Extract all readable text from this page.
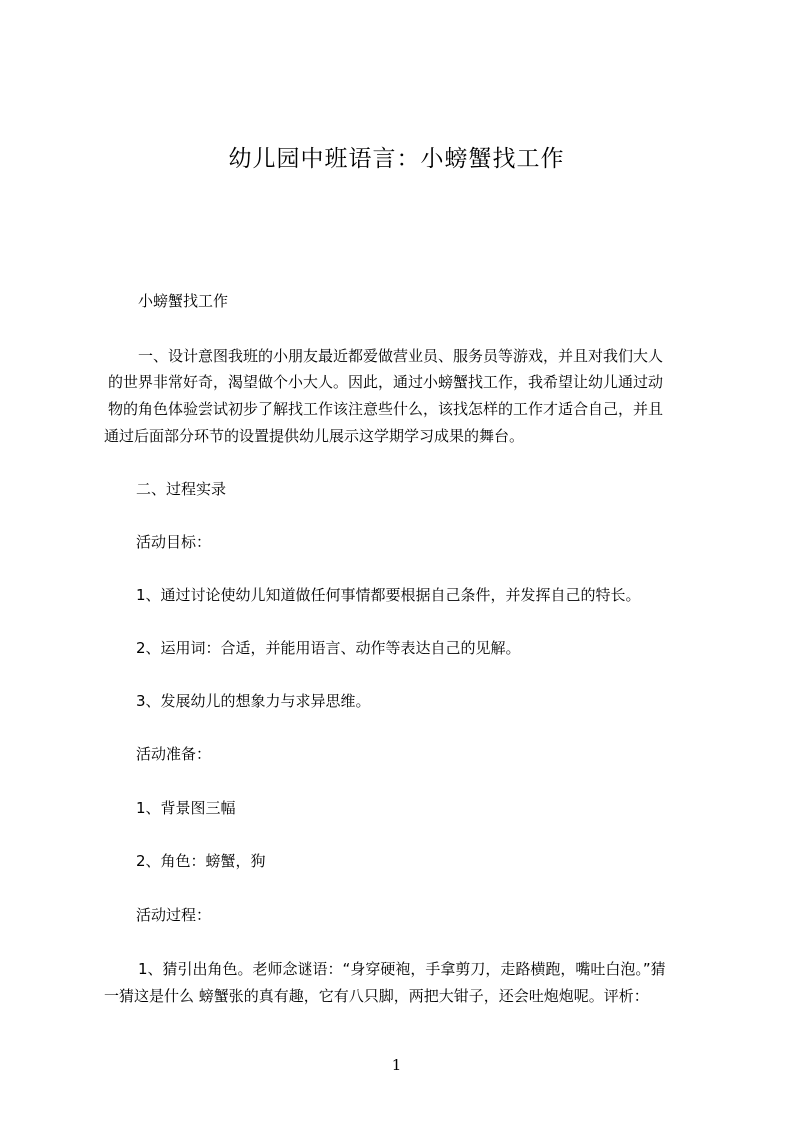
幼儿园中班语言：小螃蟹找工作

小螃蟹找工作

一、设计意图我班的小朋友最近都爱做营业员、服务员等游戏，并且对我们大人

的世界非常好奇，渴望做个小大人。因此，通过小螃蟹找工作，我希望让幼儿通过动

物的角色体验尝试初步了解找工作该注意些什么，该找怎样的工作才适合自己，并且

通过后面部分环节的设置提供幼儿展示这学期学习成果的舞台。

二、过程实录

活动目标：

1、通过讨论使幼儿知道做任何事情都要根据自己条件，并发挥自己的特长。

2、运用词：合适，并能用语言、动作等表达自己的见解。

3、发展幼儿的想象力与求异思维。

活动准备：

1、背景图三幅

2、角色：螃蟹，狗

活动过程：

1、猜引出角色。老师念谜语：“身穿硬袍，手拿剪刀，走路横跑，嘴吐白泡。”猜

一猜这是什么 螃蟹张的真有趣，它有八只脚，两把大钳子，还会吐炮炮呢。评析：

1
